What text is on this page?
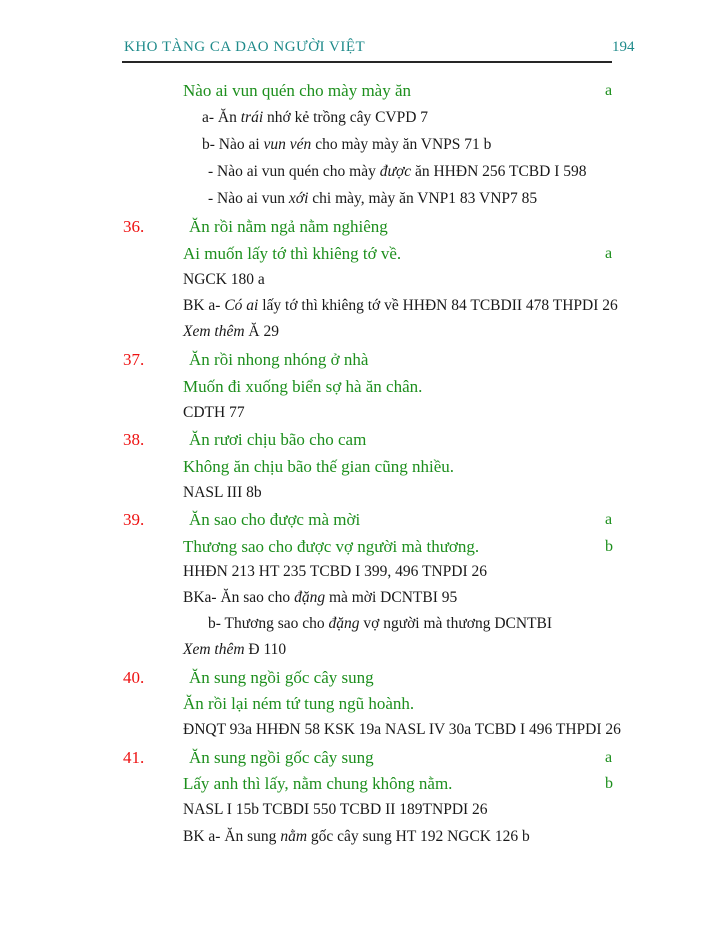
KHO TÀNG CA DAO NGƯỜI VIỆT	194
Nào ai vun quén cho mày mày ăn	a
a- Ăn trái nhớ kẻ trồng cây CVPD 7
b- Nào ai vun vén cho mày mày ăn VNPS 71 b
- Nào ai vun quén cho mày được ăn HHĐN 256 TCBD I 598
- Nào ai vun xới chi mày, mày ăn VNP1 83 VNP7 85
36.	Ăn rồi nằm ngả nằm nghiêng
Ai muốn lấy tớ thì khiêng tớ về.	a
NGCK 180 a
BK a- Có ai lấy tớ thì khiêng tớ về HHĐN 84 TCBDII 478 THPDI 26
Xem thêm Ă 29
37.	Ăn rồi nhong nhóng ở nhà
Muốn đi xuống biển sợ hà ăn chân.
CDTH 77
38.	Ăn rươi chịu bão cho cam
Không ăn chịu bão thế gian cũng nhiều.
NASL III 8b
39.	Ăn sao cho được mà mời	a
Thương sao cho được vợ người mà thương.	b
HHĐN 213 HT 235 TCBD I 399, 496 TNPDI 26
BKa- Ăn sao cho đặng mà mời DCNTBI 95
b- Thương sao cho đặng vợ người mà thương DCNTBI
Xem thêm Đ 110
40.	Ăn sung ngồi gốc cây sung
Ăn rồi lại ném tứ tung ngũ hoành.
ĐNQT 93a HHĐN 58 KSK 19a NASL IV 30a TCBD I 496 THPDI 26
41.	Ăn sung ngồi gốc cây sung	a
Lấy anh thì lấy, nằm chung không nằm.	b
NASL I 15b TCBDI 550 TCBD II 189TNPDI 26
BK a- Ăn sung nằm gốc cây sung HT 192 NGCK 126 b
